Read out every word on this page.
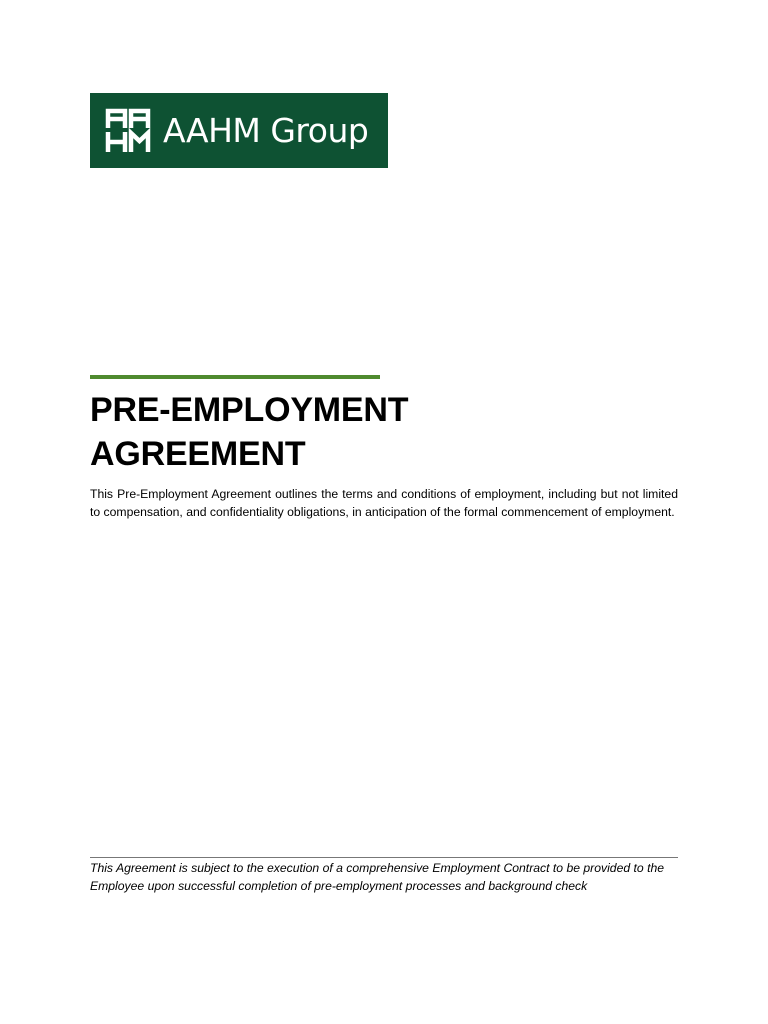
AAHM Group
PRE-EMPLOYMENT
AGREEMENT

This Pre-Employment Agreement outlines the terms and conditions of employment, including but not limited to compensation, and confidentiality obligations, in anticipation of the formal commencement of employment.

This Agreement is subject to the execution of a comprehensive Employment Contract to be provided to the
Employee upon successful completion of pre-employment processes and background check
